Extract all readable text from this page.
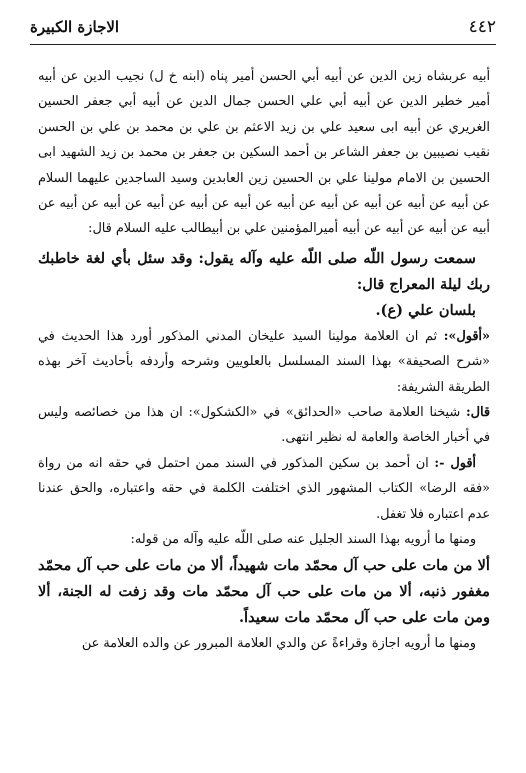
٤٤٢
الاجازة الكبيرة

أبيه عربشاه زين الدين عن أبيه أبي الحسن أمير پناه (ابنه خ ل) نجيب الدين عن أبيه أمير خطير الدين عن أبيه أبي علي الحسن جمال الدين عن أبيه أبي جعفر الحسين الغريري عن أبيه ابى سعيد علي بن زيد الاعثم بن علي بن محمد بن علي بن الحسن نقيب نصيبين بن جعفر الشاعر بن أحمد السكين بن جعفر بن محمد بن زيد الشهيد ابى الحسين بن الامام مولينا علي بن الحسين زين العابدين وسيد الساجدين عليهما السلام عن أبيه عن أبيه عن أبيه عن أبيه عن أبيه عن أبيه عن أبيه عن أبيه عن أبيه عن أبيه عن أبيه عن أبيه عن أبيه عن أبيه أميرالمؤمنين علي بن أبيطالب عليه السلام قال:

سمعت رسول اللّه صلى اللّه عليه وآله يقول: وقد سئل بأي لغة خاطبك ربك ليلة المعراج قال:

بلسان علي (ع).

«أقول»: ثم ان العلامة مولينا السيد عليخان المدني المذكور أورد هذا الحديث في «شرح الصحيفة» بهذا السند المسلسل بالعلويين وشرحه وأردفه بأحاديث آخر بهذه الطريقة الشريفة:

قال: شيخنا العلامة صاحب «الحدائق» في «الكشكول»: ان هذا من خصائصه وليس في أخبار الخاصة والعامة له نظير انتهى.

أقول -: ان أحمد بن سكين المذكور في السند ممن احتمل في حقه انه من رواة «فقه الرضا» الكتاب المشهور الذي اختلفت الكلمة في حقه واعتباره، والحق عندنا عدم اعتباره فلا تغفل.

ومنها ما أرويه بهذا السند الجليل عنه صلى اللّه عليه وآله من قوله:

ألا من مات على حب آل محمّد مات شهيداً، ألا من مات على حب آل محمّد مغفور ذنبه، ألا من مات على حب آل محمّد مات وقد زفت له الجنة، ألا ومن مات على حب آل محمّد مات سعيداً.

ومنها ما أرويه اجازة وقراءةً عن والدي العلامة المبرور عن والده العلامة عن
